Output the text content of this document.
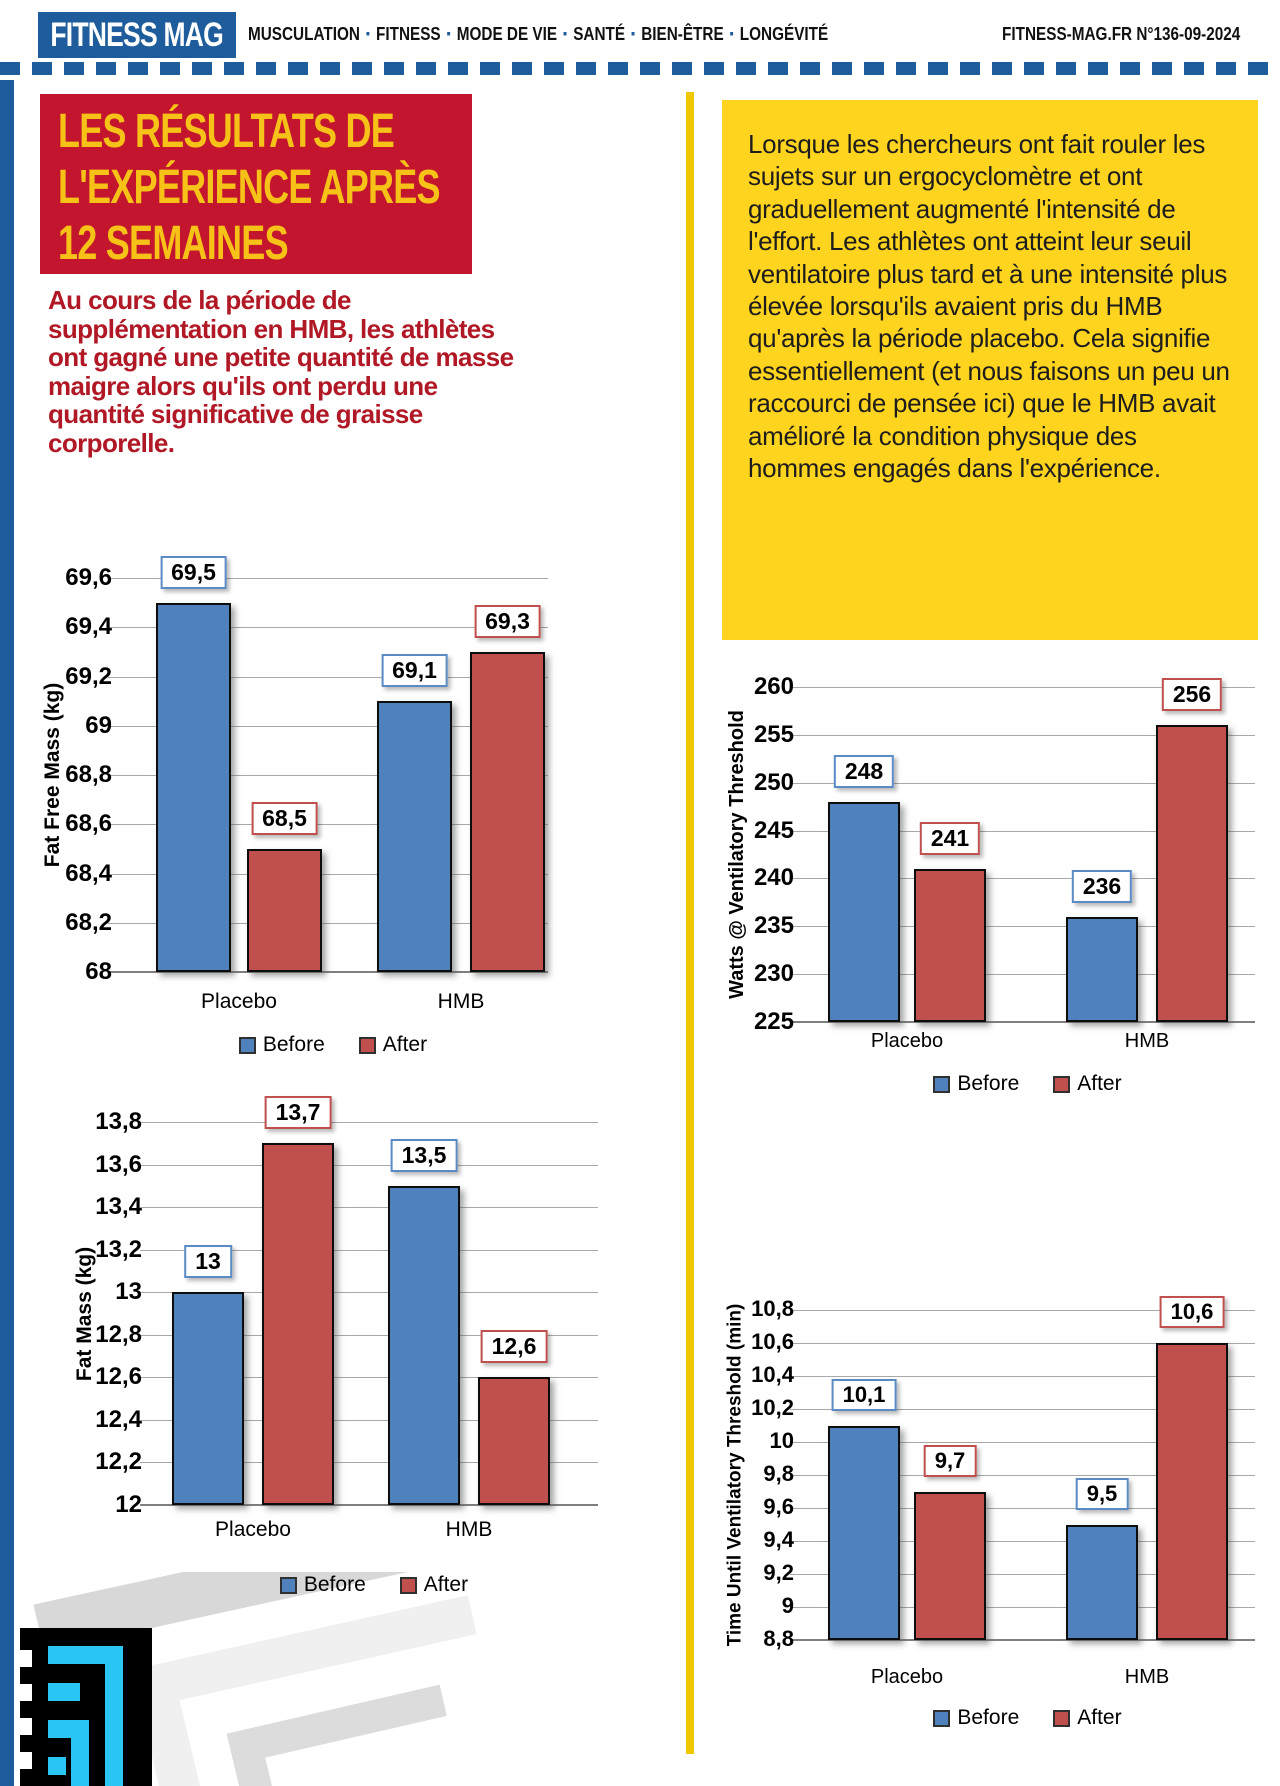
FITNESS MAG MUSCULATION ▪ FITNESS ▪ MODE DE VIE ▪ SANTÉ ▪ BIEN-ÊTRE ▪ LONGÉVITÉ	FITNESS-MAG.FR N°136-09-2024
LES RÉSULTATS DE
L'EXPÉRIENCE APRÈS
12 SEMAINES
Au cours de la période de supplémentation en HMB, les athlètes ont gagné une petite quantité de masse maigre alors qu'ils ont perdu une quantité significative de graisse corporelle.
Lorsque les chercheurs ont fait rouler les sujets sur un ergocyclomètre et ont graduellement augmenté l'intensité de l'effort. Les athlètes ont atteint leur seuil ventilatoire plus tard et à une intensité plus élevée lorsqu'ils avaient pris du HMB qu'après la période placebo. Cela signifie essentiellement (et nous faisons un peu un raccourci de pensée ici) que le HMB avait amélioré la condition physique des hommes engagés dans l'expérience.
69,6
69,4
69,2
69
68,8
68,6
68,4
68,2
68
Fat Free Mass (kg)
69,5
68,5
Placebo
69,1
69,3
HMB
Before	After
260
255
250
245
240
235
230
225
Watts @ Ventilatory Threshold	248
241
Placebo
236
256
HMB
Before	After
13,8
13,6
13,4
13,2
13
12,8
12,6
12,4
12,2
12
Fat Mass (kg)	13
13,7
Placebo
13,5
12,6
HMB
Before	After
10,8
10,6
10,4
10,2
10
9,8
9,6
9,4
9,2
9
8,8
Time Until Ventilatory Threshold (min)	10,1
9,7
Placebo
9,5
10,6
HMB
Before	After
